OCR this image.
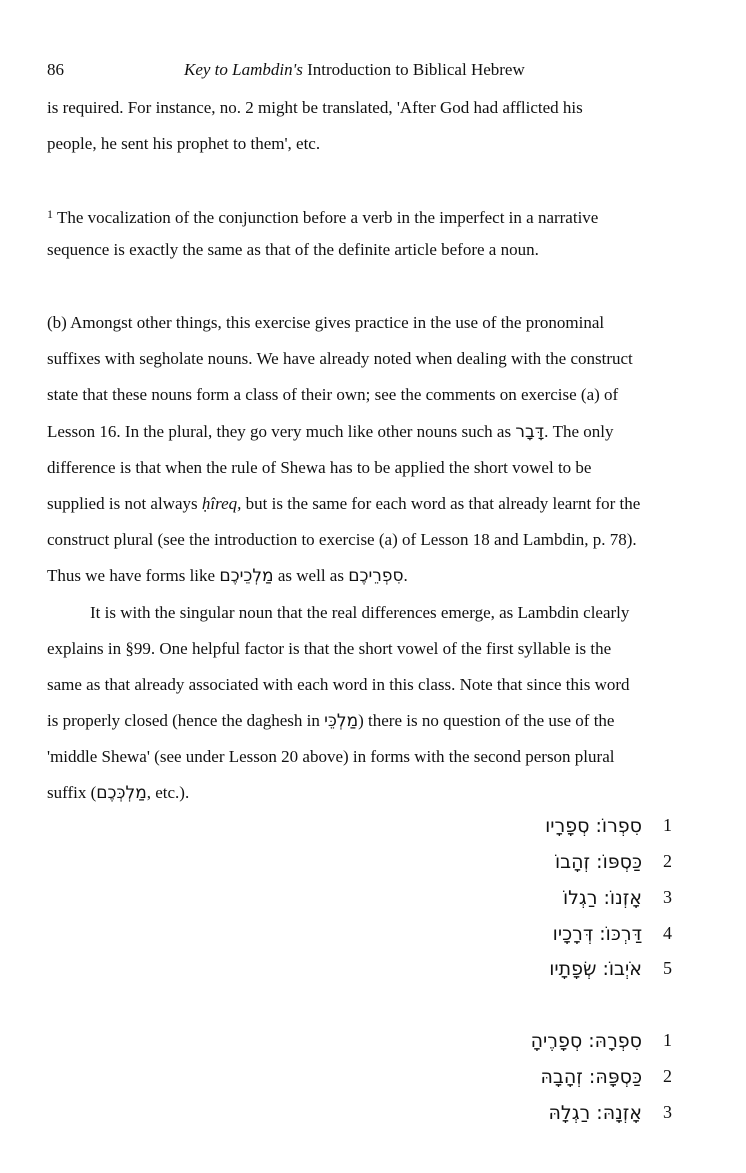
86	Key to Lambdin's Introduction to Biblical Hebrew
is required. For instance, no. 2 might be translated, 'After God had afflicted his
people, he sent his prophet to them', etc.
$^1$ The vocalization of the conjunction before a verb in the imperfect in a narrative
sequence is exactly the same as that of the definite article before a noun.
(b) Amongst other things, this exercise gives practice in the use of the pronominal
suffixes with segholate nouns. We have already noted when dealing with the construct
state that these nouns form a class of their own; see the comments on exercise (a) of
Lesson 16. In the plural, they go very much like other nouns such as דָּבָר. The only
difference is that when the rule of Shewa has to be applied the short vowel to be
supplied is not always ḥîreq, but is the same for each word as that already learnt for the
construct plural (see the introduction to exercise (a) of Lesson 18 and Lambdin, p. 78).
Thus we have forms like מַלְכֵיכֶם as well as סִפְרֵיכֶם.
It is with the singular noun that the real differences emerge, as Lambdin clearly
explains in §99. One helpful factor is that the short vowel of the first syllable is the
same as that already associated with each word in this class. Note that since this word
is properly closed (hence the daghesh in מַלְכֵּי) there is no question of the use of the
'middle Shewa' (see under Lesson 20 above) in forms with the second person plural
suffix (מַלְכְּכֶם, etc.).
סִפְרוֹ: סְפָרָיו 1
כַּסְפּוֹ: זְהָבוֹ 2
אָזְנוֹ: רַגְלוֹ 3
דַּרְכּוֹ: דְּרָכָיו 4
אֹיְבוֹ: שְׂפָתָיו 5
סִפְרָהּ: סְפָרֶיהָ 1
כַּסְפָּהּ: זְהָבָהּ 2
אָזְנָהּ: רַגְלָהּ 3
